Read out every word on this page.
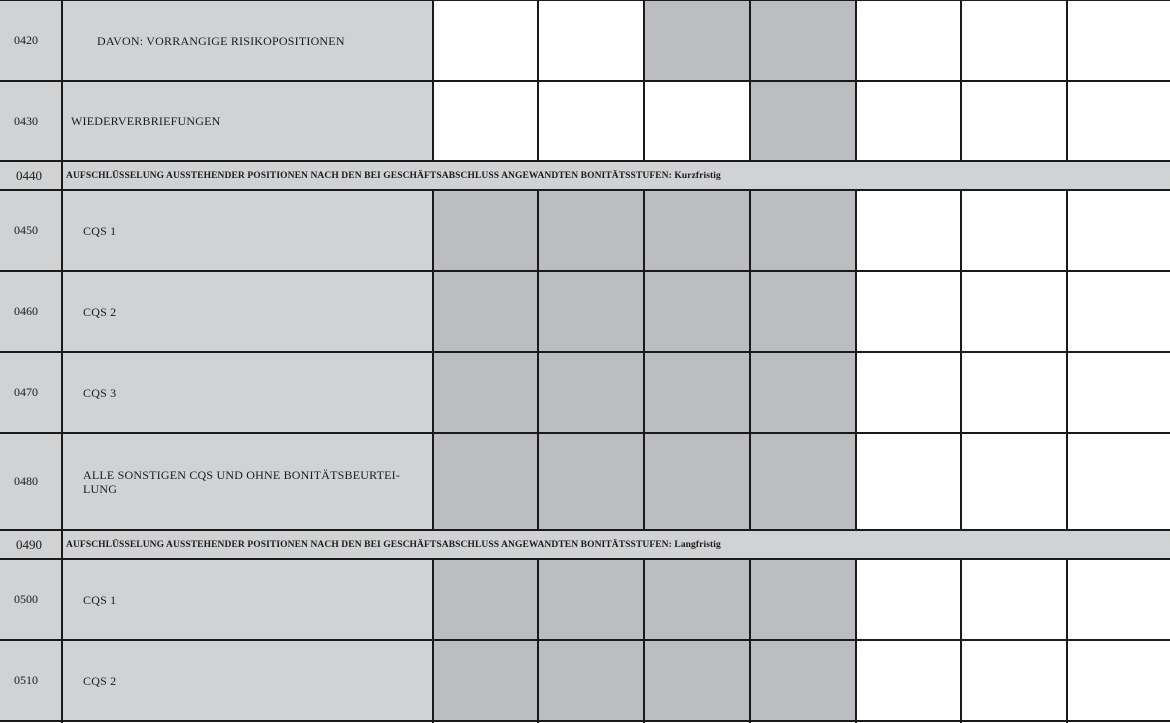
0420	DAVON: VORRANGIGE RISIKOPOSITIONEN
0430	WIEDERVERBRIEFUNGEN
0440	AUFSCHLÜSSELUNG AUSSTEHENDER POSITIONEN NACH DEN BEI GESCHÄFTSABSCHLUSS ANGEWANDTEN BONITÄTSSTUFEN: Kurzfristig
0450	CQS 1
0460	CQS 2
0470	CQS 3
0480	ALLE SONSTIGEN CQS UND OHNE BONITÄTSBEURTEI-
LUNG
0490	AUFSCHLÜSSELUNG AUSSTEHENDER POSITIONEN NACH DEN BEI GESCHÄFTSABSCHLUSS ANGEWANDTEN BONITÄTSSTUFEN: Langfristig
0500	CQS 1
0510	CQS 2
